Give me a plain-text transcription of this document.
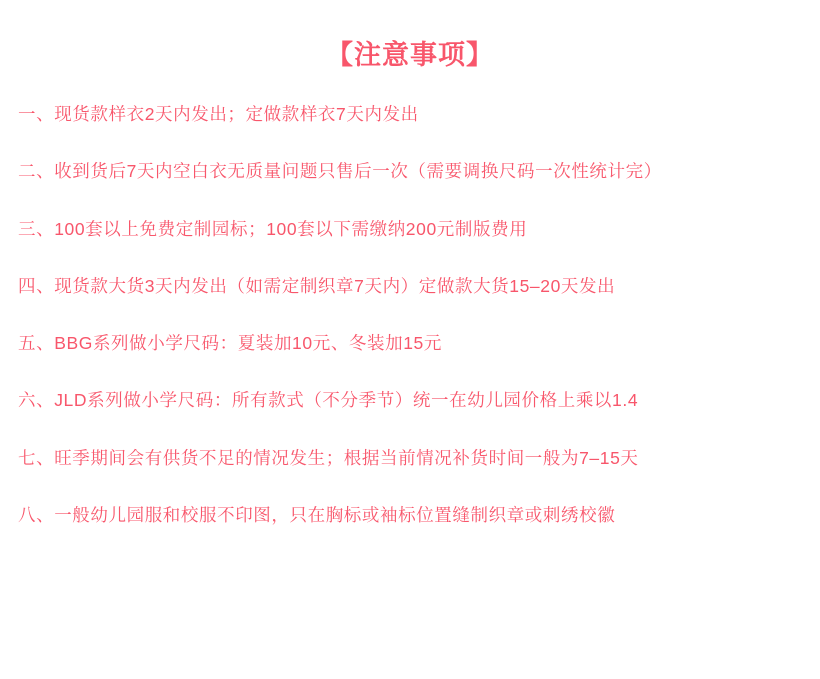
【注意事项】
一、现货款样衣2天内发出；定做款样衣7天内发出
二、收到货后7天内空白衣无质量问题只售后一次（需要调换尺码一次性统计完）
三、100套以上免费定制园标；100套以下需缴纳200元制版费用
四、现货款大货3天内发出（如需定制织章7天内）定做款大货15–20天发出
五、BBG系列做小学尺码：夏装加10元、冬装加15元
六、JLD系列做小学尺码：所有款式（不分季节）统一在幼儿园价格上乘以1.4
七、旺季期间会有供货不足的情况发生；根据当前情况补货时间一般为7–15天
八、一般幼儿园服和校服不印图，只在胸标或袖标位置缝制织章或刺绣校徽
